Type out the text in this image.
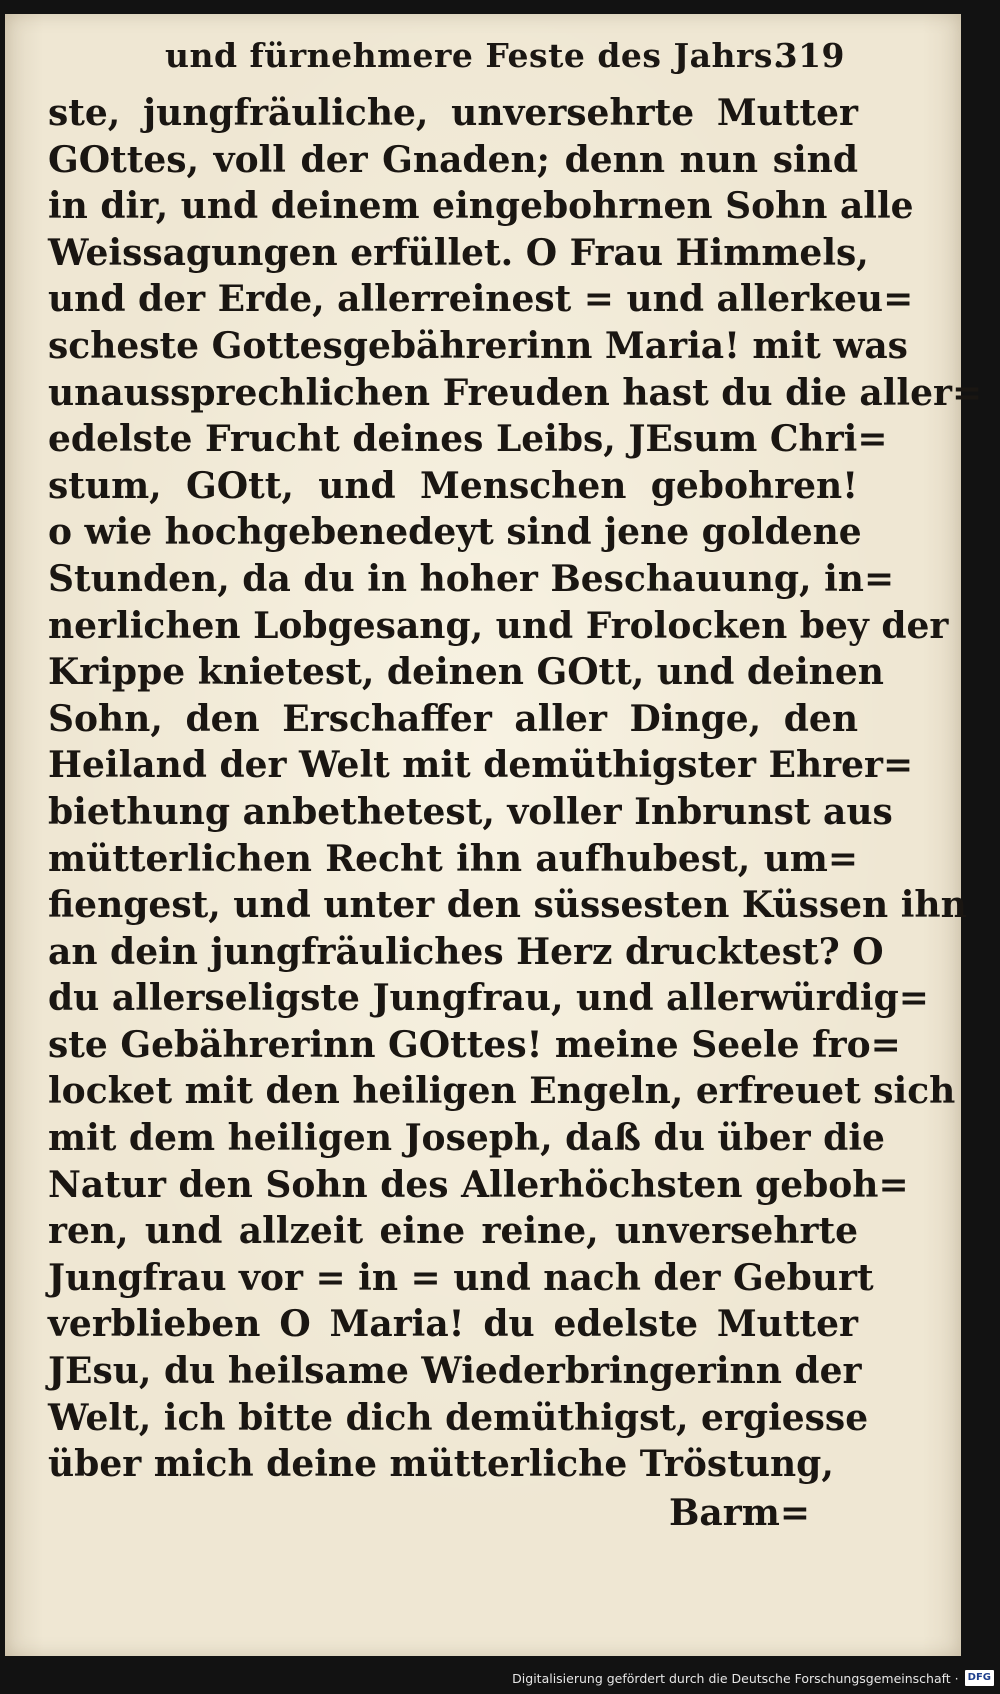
und fürnehmere Feste des Jahrs.
319
ste, jungfräuliche, unversehrte Mutter
GOttes, voll der Gnaden; denn nun sind
in dir, und deinem eingebohrnen Sohn alle
Weissagungen erfüllet. O Frau Himmels,
und der Erde, allerreinest = und allerkeu=
scheste Gottesgebährerinn Maria! mit was
unaussprechlichen Freuden hast du die aller=
edelste Frucht deines Leibs, JEsum Chri=
stum, GOtt, und Menschen gebohren!
o wie hochgebenedeyt sind jene goldene
Stunden, da du in hoher Beschauung, in=
nerlichen Lobgesang, und Frolocken bey der
Krippe knietest, deinen GOtt, und deinen
Sohn, den Erschaffer aller Dinge, den
Heiland der Welt mit demüthigster Ehrer=
biethung anbethetest, voller Inbrunst aus
mütterlichen Recht ihn aufhubest, um=
fiengest, und unter den süssesten Küssen ihn
an dein jungfräuliches Herz drucktest? O
du allerseligste Jungfrau, und allerwürdig=
ste Gebährerinn GOttes! meine Seele fro=
locket mit den heiligen Engeln, erfreuet sich
mit dem heiligen Joseph, daß du über die
Natur den Sohn des Allerhöchsten geboh=
ren, und allzeit eine reine, unversehrte
Jungfrau vor = in = und nach der Geburt
verblieben O Maria! du edelste Mutter
JEsu, du heilsame Wiederbringerinn der
Welt, ich bitte dich demüthigst, ergiesse
über mich deine mütterliche Tröstung,
Barm=
Digitalisierung gefördert durch die Deutsche Forschungsgemeinschaft · DFG
